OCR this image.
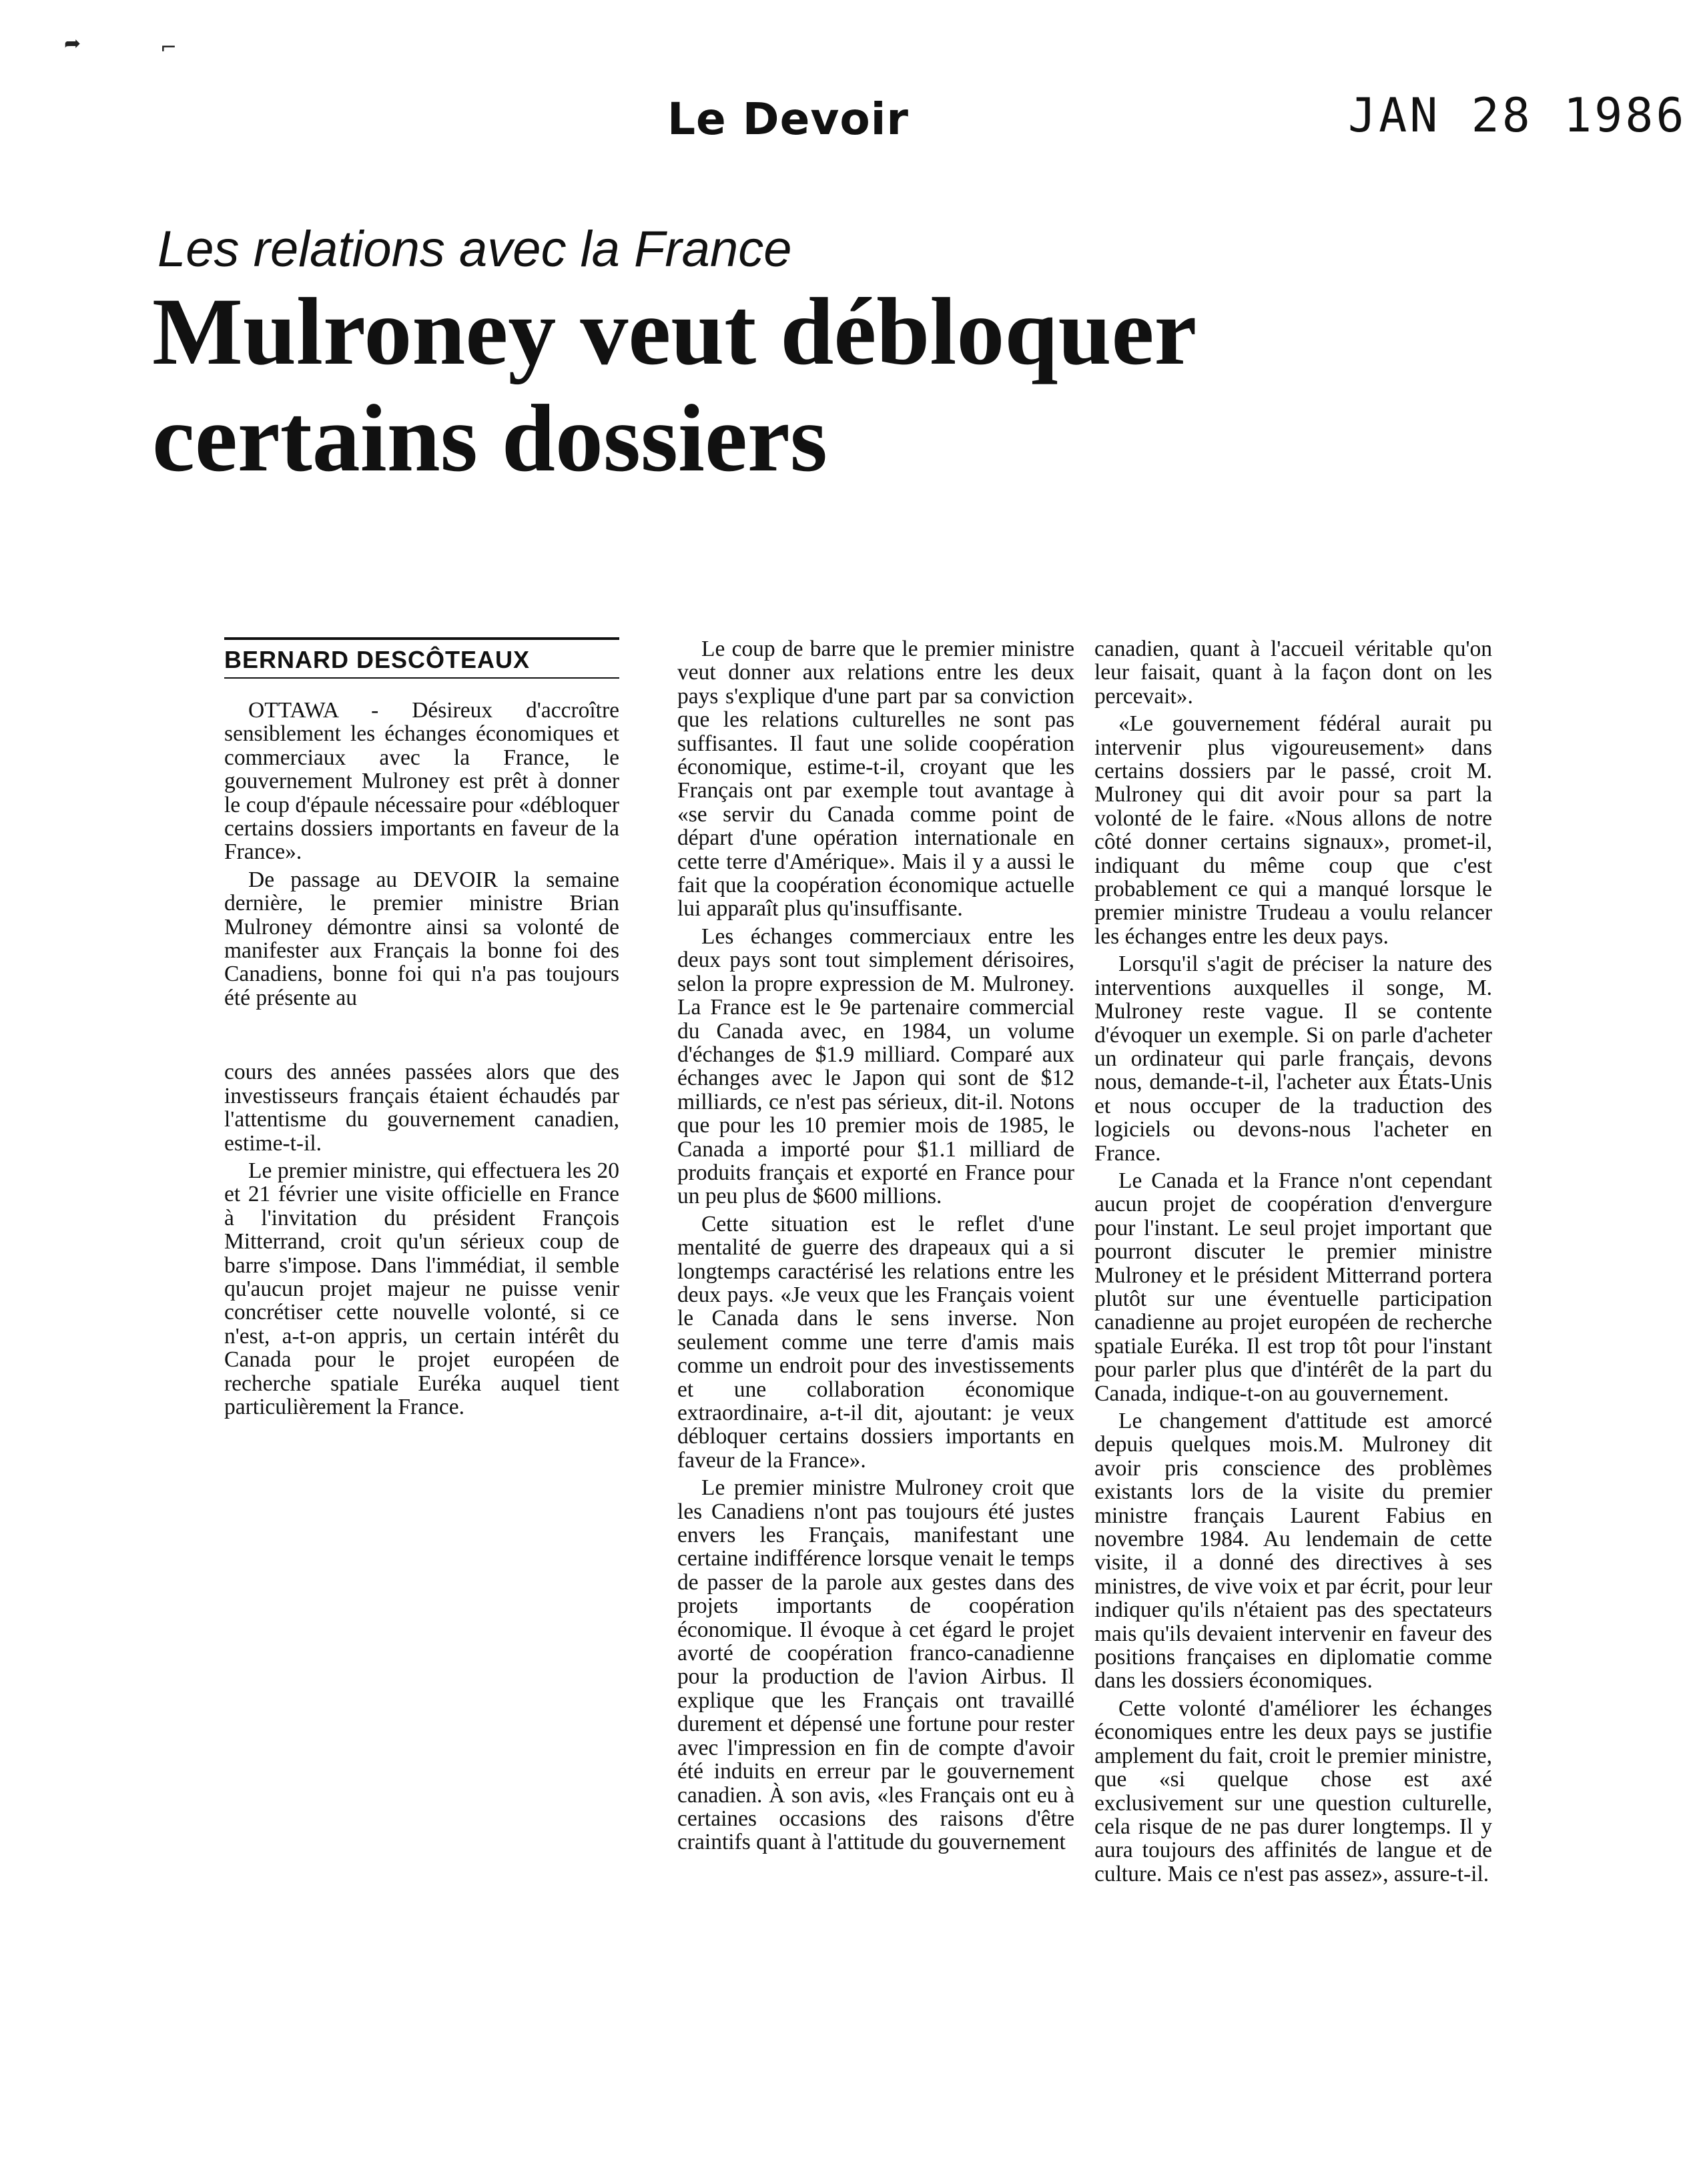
➦	⌐
Le Devoir	JAN 28 1986
Les relations avec la France
Mulroney veut débloquer certains dossiers
BERNARD DESCÔTEAUX

OTTAWA - Désireux d'accroître sensiblement les échanges économiques et commerciaux avec la France, le gouvernement Mulroney est prêt à donner le coup d'épaule nécessaire pour «débloquer certains dossiers importants en faveur de la France».

De passage au DEVOIR la semaine dernière, le premier ministre Brian Mulroney démontre ainsi sa volonté de manifester aux Français la bonne foi des Canadiens, bonne foi qui n'a pas toujours été présente au

cours des années passées alors que des investisseurs français étaient échaudés par l'attentisme du gouvernement canadien, estime-t-il.

Le premier ministre, qui effectuera les 20 et 21 février une visite officielle en France à l'invitation du président François Mitterrand, croit qu'un sérieux coup de barre s'impose. Dans l'immédiat, il semble qu'aucun projet majeur ne puisse venir concrétiser cette nouvelle volonté, si ce n'est, a-t-on appris, un certain intérêt du Canada pour le projet européen de recherche spatiale Euréka auquel tient particulièrement la France.

Le coup de barre que le premier ministre veut donner aux relations entre les deux pays s'explique d'une part par sa conviction que les relations culturelles ne sont pas suffisantes. Il faut une solide coopération économique, estime-t-il, croyant que les Français ont par exemple tout avantage à «se servir du Canada comme point de départ d'une opération internationale en cette terre d'Amérique». Mais il y a aussi le fait que la coopération économique actuelle lui apparaît plus qu'insuffisante.

Les échanges commerciaux entre les deux pays sont tout simplement dérisoires, selon la propre expression de M. Mulroney. La France est le 9e partenaire commercial du Canada avec, en 1984, un volume d'échanges de $1.9 milliard. Comparé aux échanges avec le Japon qui sont de $12 milliards, ce n'est pas sérieux, dit-il. Notons que pour les 10 premier mois de 1985, le Canada a importé pour $1.1 milliard de produits français et exporté en France pour un peu plus de $600 millions.

Cette situation est le reflet d'une mentalité de guerre des drapeaux qui a si longtemps caractérisé les relations entre les deux pays. «Je veux que les Français voient le Canada dans le sens inverse. Non seulement comme une terre d'amis mais comme un endroit pour des investissements et une collaboration économique extraordinaire, a-t-il dit, ajoutant: je veux débloquer certains dossiers importants en faveur de la France».

Le premier ministre Mulroney croit que les Canadiens n'ont pas toujours été justes envers les Français, manifestant une certaine indifférence lorsque venait le temps de passer de la parole aux gestes dans des projets importants de coopération économique. Il évoque à cet égard le projet avorté de coopération franco-canadienne pour la production de l'avion Airbus. Il explique que les Français ont travaillé durement et dépensé une fortune pour rester avec l'impression en fin de compte d'avoir été induits en erreur par le gouvernement canadien. À son avis, «les Français ont eu à certaines occasions des raisons d'être craintifs quant à l'attitude du gouvernement

canadien, quant à l'accueil véritable qu'on leur faisait, quant à la façon dont on les percevait».

«Le gouvernement fédéral aurait pu intervenir plus vigoureusement» dans certains dossiers par le passé, croit M. Mulroney qui dit avoir pour sa part la volonté de le faire. «Nous allons de notre côté donner certains signaux», promet-il, indiquant du même coup que c'est probablement ce qui a manqué lorsque le premier ministre Trudeau a voulu relancer les échanges entre les deux pays.

Lorsqu'il s'agit de préciser la nature des interventions auxquelles il songe, M. Mulroney reste vague. Il se contente d'évoquer un exemple. Si on parle d'acheter un ordinateur qui parle français, devons nous, demande-t-il, l'acheter aux États-Unis et nous occuper de la traduction des logiciels ou devons-nous l'acheter en France.

Le Canada et la France n'ont cependant aucun projet de coopération d'envergure pour l'instant. Le seul projet important que pourront discuter le premier ministre Mulroney et le président Mitterrand portera plutôt sur une éventuelle participation canadienne au projet européen de recherche spatiale Euréka. Il est trop tôt pour l'instant pour parler plus que d'intérêt de la part du Canada, indique-t-on au gouvernement.

Le changement d'attitude est amorcé depuis quelques mois.M. Mulroney dit avoir pris conscience des problèmes existants lors de la visite du premier ministre français Laurent Fabius en novembre 1984. Au lendemain de cette visite, il a donné des directives à ses ministres, de vive voix et par écrit, pour leur indiquer qu'ils n'étaient pas des spectateurs mais qu'ils devaient intervenir en faveur des positions françaises en diplomatie comme dans les dossiers économiques.

Cette volonté d'améliorer les échanges économiques entre les deux pays se justifie amplement du fait, croit le premier ministre, que «si quelque chose est axé exclusivement sur une question culturelle, cela risque de ne pas durer longtemps. Il y aura toujours des affinités de langue et de culture. Mais ce n'est pas assez», assure-t-il.
